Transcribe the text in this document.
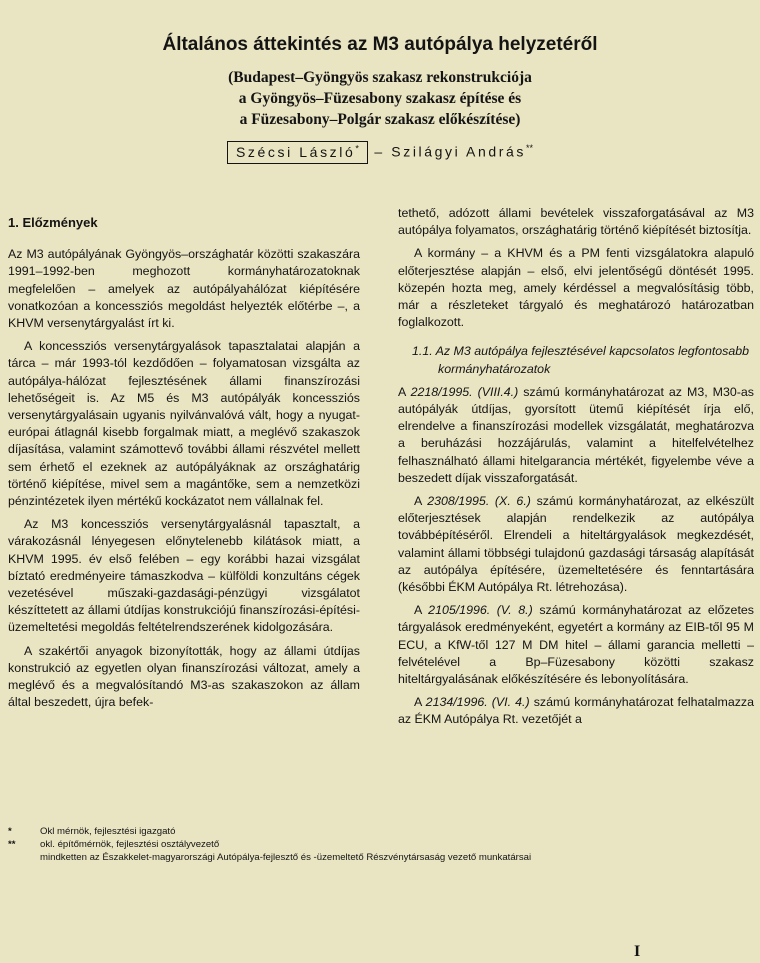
Általános áttekintés az M3 autópálya helyzetéről
(Budapest–Gyöngyös szakasz rekonstrukciója
a Gyöngyös–Füzesabony szakasz építése és
a Füzesabony–Polgár szakasz előkészítése)
Szécsi László* – Szilágyi András**
1. Előzmények

Az M3 autópályának Gyöngyös–országhatár közötti szakaszára 1991–1992-ben meghozott kormányhatározatoknak megfelelően – amelyek az autópályahálózat kiépítésére vonatkozóan a koncessziós megoldást helyezték előtérbe –, a KHVM versenytárgyalást írt ki.

A koncessziós versenytárgyalások tapasztalatai alapján a tárca – már 1993-tól kezdődően – folyamatosan vizsgálta az autópálya-hálózat fejlesztésének állami finanszírozási lehetőségeit is. Az M5 és M3 autópályák koncessziós versenytárgyalásain ugyanis nyilvánvalóvá vált, hogy a nyugat-európai átlagnál kisebb forgalmak miatt, a meglévő szakaszok díjasítása, valamint számottevő további állami részvétel mellett sem érhető el ezeknek az autópályáknak az országhatárig történő kiépítése, mivel sem a magántőke, sem a nemzetközi pénzintézetek ilyen mértékű kockázatot nem vállalnak fel.

Az M3 koncessziós versenytárgyalásnál tapasztalt, a várakozásnál lényegesen előnytelenebb kilátások miatt, a KHVM 1995. év első felében – egy korábbi hazai vizsgálat bíztató eredményeire támaszkodva – külföldi konzultáns cégek vezetésével műszaki-gazdasági-pénzügyi vizsgálatot készíttetett az állami útdíjas konstrukciójú finanszírozási-építési-üzemeltetési megoldás feltételrendszerének kidolgozására.

A szakértői anyagok bizonyították, hogy az állami útdíjas konstrukció az egyetlen olyan finanszírozási változat, amely a meglévő és a megvalósítandó M3-as szakaszokon az állam által beszedett, újra befek-

tethető, adózott állami bevételek visszaforgatásával az M3 autópálya folyamatos, országhatárig történő kiépítését biztosítja.

A kormány – a KHVM és a PM fenti vizsgálatokra alapuló előterjesztése alapján – első, elvi jelentőségű döntését 1995. közepén hozta meg, amely kérdéssel a megvalósításig több, már a részleteket tárgyaló és meghatározó határozatban foglalkozott.

1.1. Az M3 autópálya fejlesztésével kapcsolatos legfontosabb kormányhatározatok

A 2218/1995. (VIII.4.) számú kormányhatározat az M3, M30-as autópályák útdíjas, gyorsított ütemű kiépítését írja elő, elrendelve a finanszírozási modellek vizsgálatát, meghatározva a beruházási hozzájárulás, valamint a hitelfelvételhez felhasználható állami hitelgarancia mértékét, figyelembe véve a beszedett díjak visszaforgatását.

A 2308/1995. (X. 6.) számú kormányhatározat, az elkészült előterjesztések alapján rendelkezik az autópálya továbbépítéséről. Elrendeli a hiteltárgyalások megkezdését, valamint állami többségi tulajdonú gazdasági társaság alapítását az autópálya építésére, üzemeltetésére és fenntartására (későbbi ÉKM Autópálya Rt. létrehozása).

A 2105/1996. (V. 8.) számú kormányhatározat az előzetes tárgyalások eredményeként, egyetért a kormány az EIB-től 95 M ECU, a KfW-től 127 M DM hitel – állami garancia melletti – felvételével a Bp–Füzesabony közötti szakasz hiteltárgyalásának előkészítésére és lebonyolítására.

A 2134/1996. (VI. 4.) számú kormányhatározat felhatalmazza az ÉKM Autópálya Rt. vezetőjét a

*	Okl mérnök, fejlesztési igazgató
**	okl. építőmérnök, fejlesztési osztályvezető
mindketten az Északkelet-magyarországi Autópálya-fejlesztő és -üzemeltető Részvénytársaság vezető munkatársai
I
